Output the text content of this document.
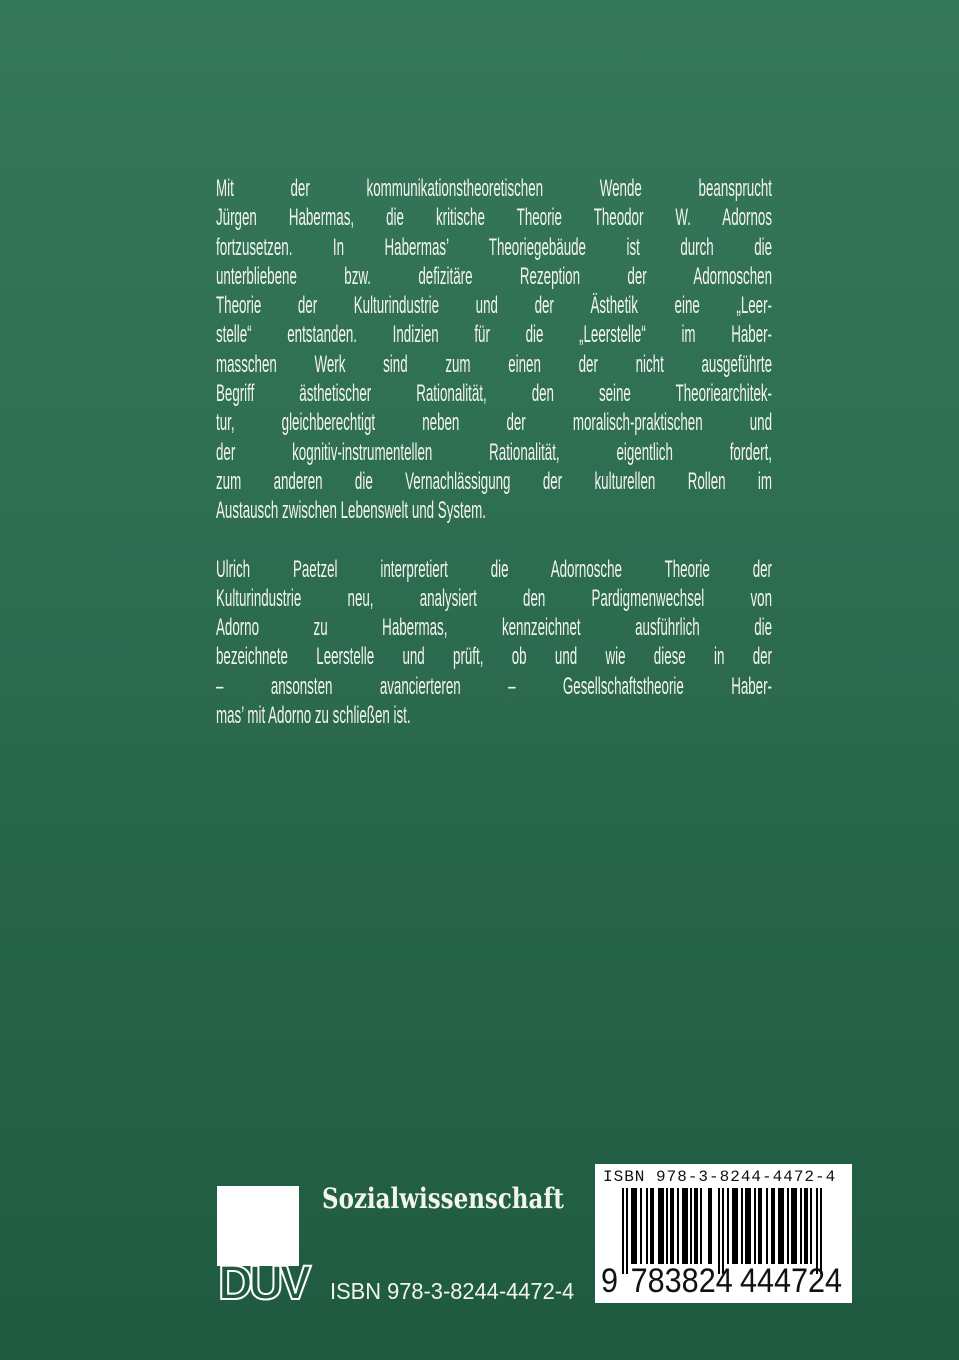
Mit der kommunikationstheoretischen Wende beansprucht
Jürgen Habermas, die kritische Theorie Theodor W. Adornos
fortzusetzen. In Habermas’ Theoriegebäude ist durch die
unterbliebene bzw. defizitäre Rezeption der Adornoschen
Theorie der Kulturindustrie und der Ästhetik eine „Leer-
stelle“ entstanden. Indizien für die „Leerstelle“ im Haber-
masschen Werk sind zum einen der nicht ausgeführte
Begriff ästhetischer Rationalität, den seine Theoriearchitek-
tur, gleichberechtigt neben der moralisch-praktischen und
der kognitiv-instrumentellen Rationalität, eigentlich fordert,
zum anderen die Vernachlässigung der kulturellen Rollen im
Austausch zwischen Lebenswelt und System.
Ulrich Paetzel interpretiert die Adornosche Theorie der
Kulturindustrie neu, analysiert den Pardigmenwechsel von
Adorno zu Habermas, kennzeichnet ausführlich die
bezeichnete Leerstelle und prüft, ob und wie diese in der
– ansonsten avancierteren – Gesellschaftstheorie Haber-
mas’ mit Adorno zu schließen ist.
DUV
Sozialwissenschaft
ISBN 978-3-8244-4472-4
ISBN 978-3-8244-4472-4
9 783824 444724
